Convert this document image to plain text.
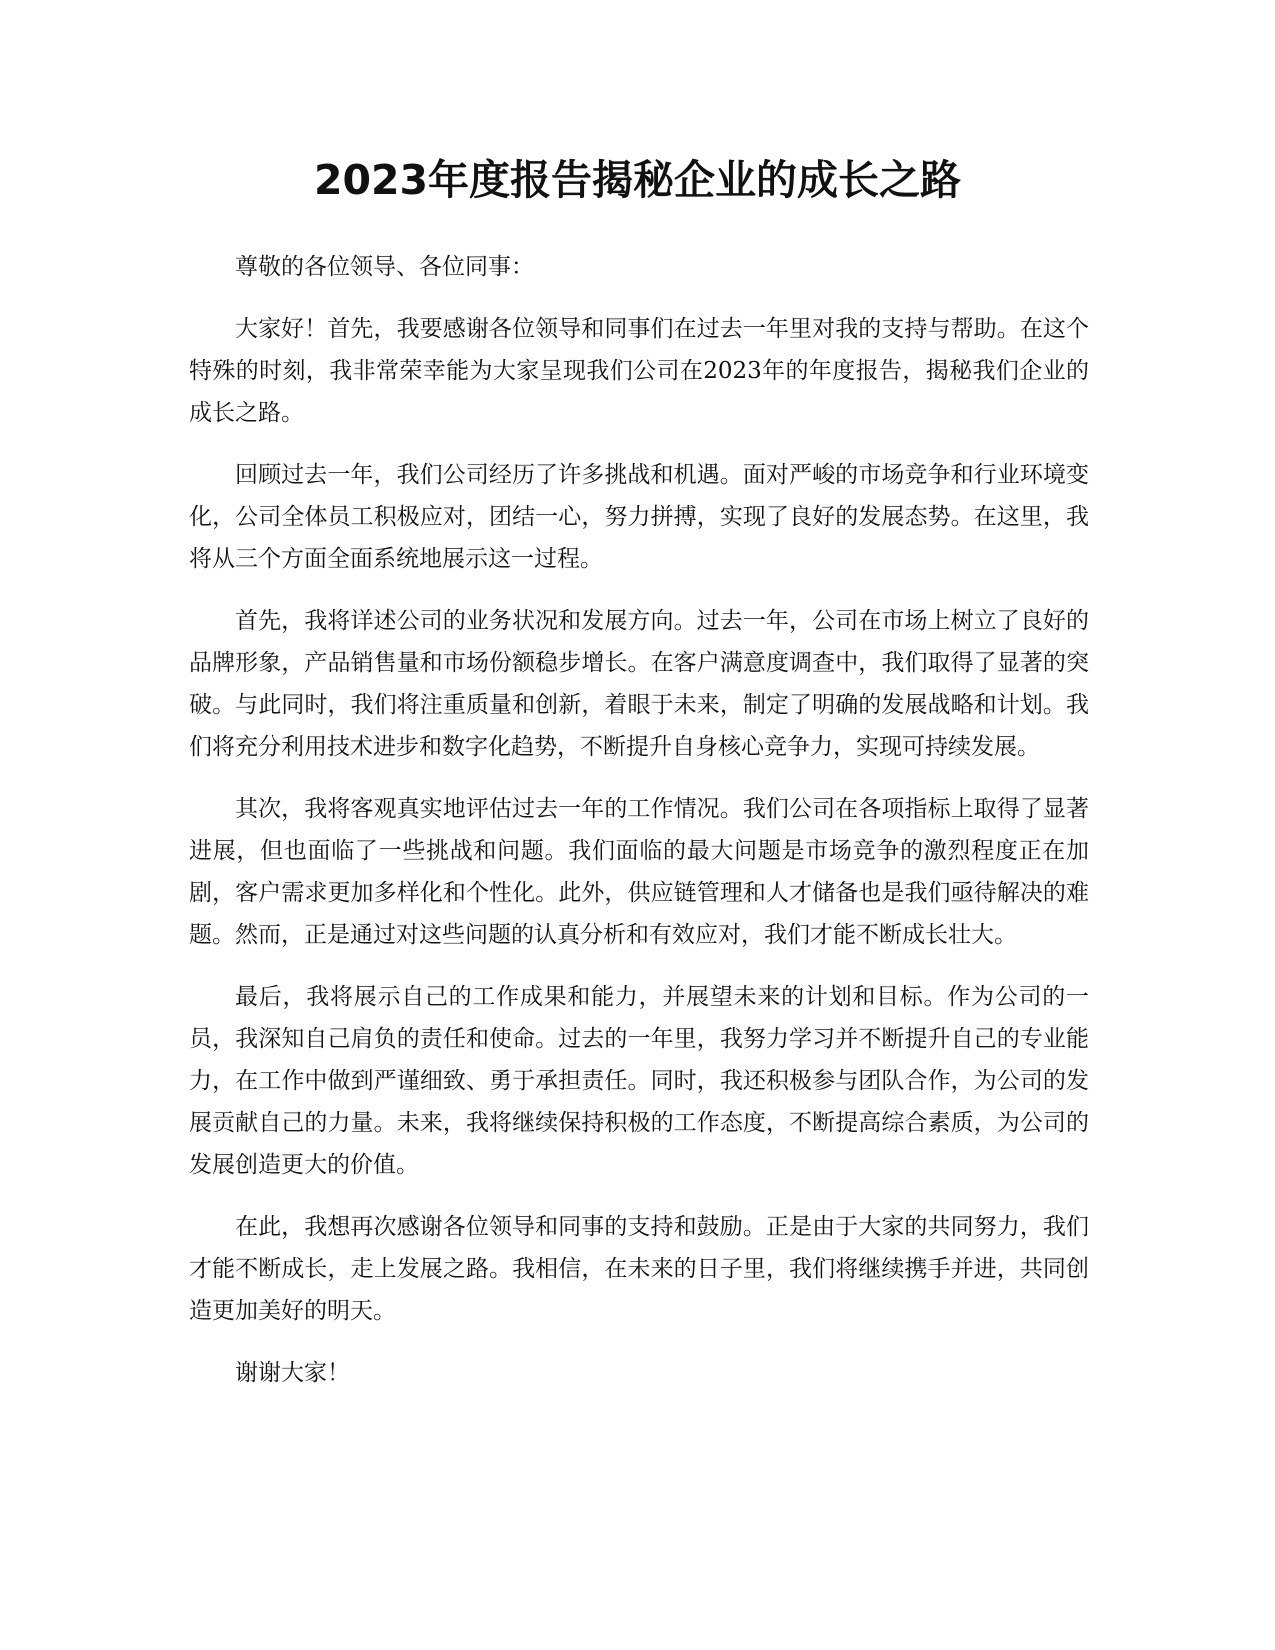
2023年度报告揭秘企业的成长之路

尊敬的各位领导、各位同事：

大家好！首先，我要感谢各位领导和同事们在过去一年里对我的支持与帮助。在这个特殊的时刻，我非常荣幸能为大家呈现我们公司在2023年的年度报告，揭秘我们企业的成长之路。

回顾过去一年，我们公司经历了许多挑战和机遇。面对严峻的市场竞争和行业环境变化，公司全体员工积极应对，团结一心，努力拼搏，实现了良好的发展态势。在这里，我将从三个方面全面系统地展示这一过程。

首先，我将详述公司的业务状况和发展方向。过去一年，公司在市场上树立了良好的品牌形象，产品销售量和市场份额稳步增长。在客户满意度调查中，我们取得了显著的突破。与此同时，我们将注重质量和创新，着眼于未来，制定了明确的发展战略和计划。我们将充分利用技术进步和数字化趋势，不断提升自身核心竞争力，实现可持续发展。

其次，我将客观真实地评估过去一年的工作情况。我们公司在各项指标上取得了显著进展，但也面临了一些挑战和问题。我们面临的最大问题是市场竞争的激烈程度正在加剧，客户需求更加多样化和个性化。此外，供应链管理和人才储备也是我们亟待解决的难题。然而，正是通过对这些问题的认真分析和有效应对，我们才能不断成长壮大。

最后，我将展示自己的工作成果和能力，并展望未来的计划和目标。作为公司的一员，我深知自己肩负的责任和使命。过去的一年里，我努力学习并不断提升自己的专业能力，在工作中做到严谨细致、勇于承担责任。同时，我还积极参与团队合作，为公司的发展贡献自己的力量。未来，我将继续保持积极的工作态度，不断提高综合素质，为公司的发展创造更大的价值。

在此，我想再次感谢各位领导和同事的支持和鼓励。正是由于大家的共同努力，我们才能不断成长，走上发展之路。我相信，在未来的日子里，我们将继续携手并进，共同创造更加美好的明天。

谢谢大家！
